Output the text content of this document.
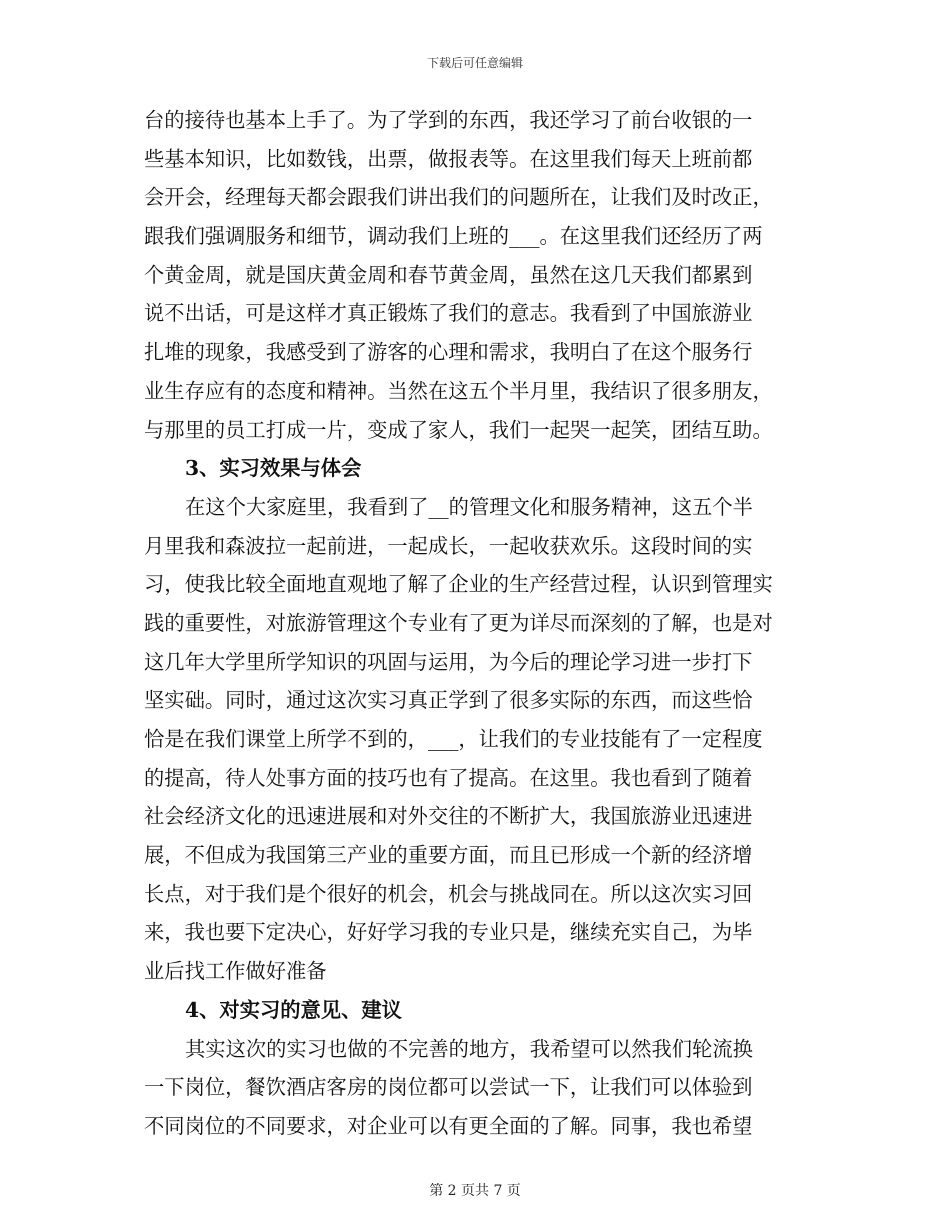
下载后可任意编辑
台的接待也基本上手了。为了学到的东西，我还学习了前台收银的一
些基本知识，比如数钱，出票，做报表等。在这里我们每天上班前都
会开会，经理每天都会跟我们讲出我们的问题所在，让我们及时改正，
跟我们强调服务和细节，调动我们上班的___。在这里我们还经历了两
个黄金周，就是国庆黄金周和春节黄金周，虽然在这几天我们都累到
说不出话，可是这样才真正锻炼了我们的意志。我看到了中国旅游业
扎堆的现象，我感受到了游客的心理和需求，我明白了在这个服务行
业生存应有的态度和精神。当然在这五个半月里，我结识了很多朋友，
与那里的员工打成一片，变成了家人，我们一起哭一起笑，团结互助。
3、实习效果与体会
在这个大家庭里，我看到了__的管理文化和服务精神，这五个半
月里我和森波拉一起前进，一起成长，一起收获欢乐。这段时间的实
习，使我比较全面地直观地了解了企业的生产经营过程，认识到管理实
践的重要性，对旅游管理这个专业有了更为详尽而深刻的了解，也是对
这几年大学里所学知识的巩固与运用，为今后的理论学习进一步打下
坚实础。同时，通过这次实习真正学到了很多实际的东西，而这些恰
恰是在我们课堂上所学不到的，___，让我们的专业技能有了一定程度
的提高，待人处事方面的技巧也有了提高。在这里。我也看到了随着
社会经济文化的迅速进展和对外交往的不断扩大，我国旅游业迅速进
展，不但成为我国第三产业的重要方面，而且已形成一个新的经济增
长点，对于我们是个很好的机会，机会与挑战同在。所以这次实习回
来，我也要下定决心，好好学习我的专业只是，继续充实自己，为毕
业后找工作做好准备
4、对实习的意见、建议
其实这次的实习也做的不完善的地方，我希望可以然我们轮流换
一下岗位，餐饮酒店客房的岗位都可以尝试一下，让我们可以体验到
不同岗位的不同要求，对企业可以有更全面的了解。同事，我也希望
第 2 页共 7 页
